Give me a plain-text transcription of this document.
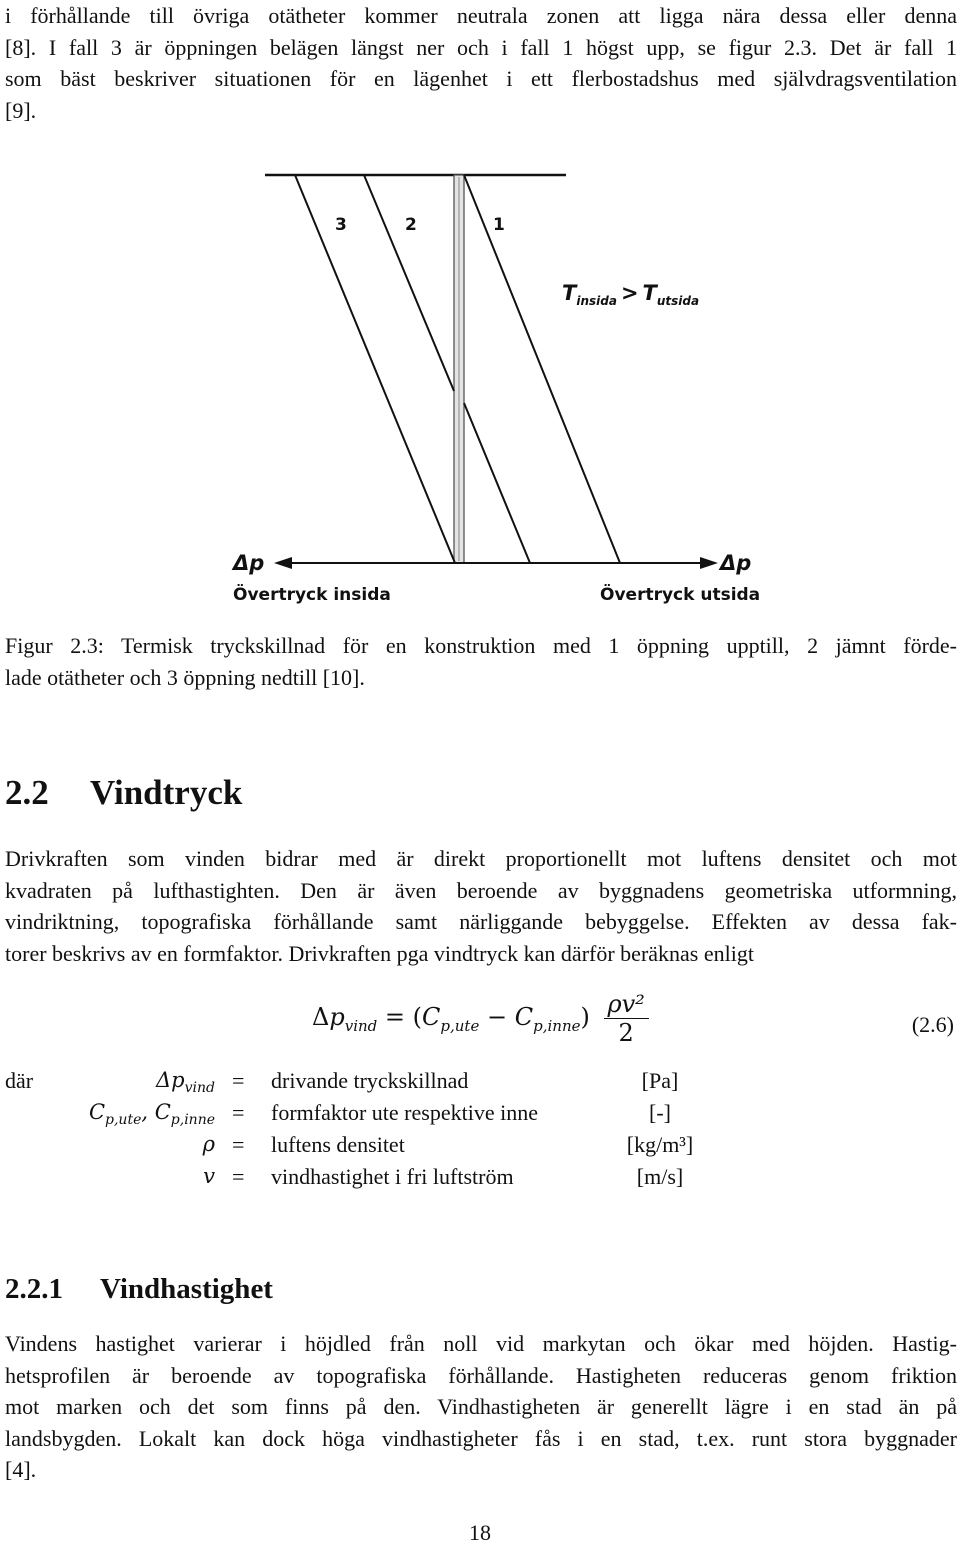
i förhållande till övriga otätheter kommer neutrala zonen att ligga nära dessa eller denna
[8]. I fall 3 är öppningen belägen längst ner och i fall 1 högst upp, se figur 2.3. Det är fall 1
som bäst beskriver situationen för en lägenhet i ett flerbostadshus med självdragsventilation
[9].
3	2	1
$T_{insida} > T_{utsida}$
Δp	Δp
Övertryck insida	Övertryck utsida
Figur 2.3: Termisk tryckskillnad för en konstruktion med 1 öppning upptill, 2 jämnt förde-
lade otätheter och 3 öppning nedtill [10].
2.2 Vindtryck
Drivkraften som vinden bidrar med är direkt proportionellt mot luftens densitet och mot
kvadraten på lufthastighten. Den är även beroende av byggnadens geometriska utformning,
vindriktning, topografiska förhållande samt närliggande bebyggelse. Effekten av dessa fak-
torer beskrivs av en formfaktor. Drivkraften pga vindtryck kan därför beräknas enligt
$\Delta p_{vind} = (C_{p,ute} - C_{p,inne}) \frac{\text{ρv²}}{2}$	(2.6)
där	$\Delta p_{vind}$ = drivande tryckskillnad	[Pa]
$C_{p,ute}$, $C_{p,inne}$ = formfaktor ute respektive inne	[-]
ρ = luftens densitet	[kg/m³]
v = vindhastighet i fri luftström	[m/s]
2.2.1 Vindhastighet
Vindens hastighet varierar i höjdled från noll vid markytan och ökar med höjden. Hastig-
hetsprofilen är beroende av topografiska förhållande. Hastigheten reduceras genom friktion
mot marken och det som finns på den. Vindhastigheten är generellt lägre i en stad än på
landsbygden. Lokalt kan dock höga vindhastigheter fås i en stad, t.ex. runt stora byggnader
[4].
18
